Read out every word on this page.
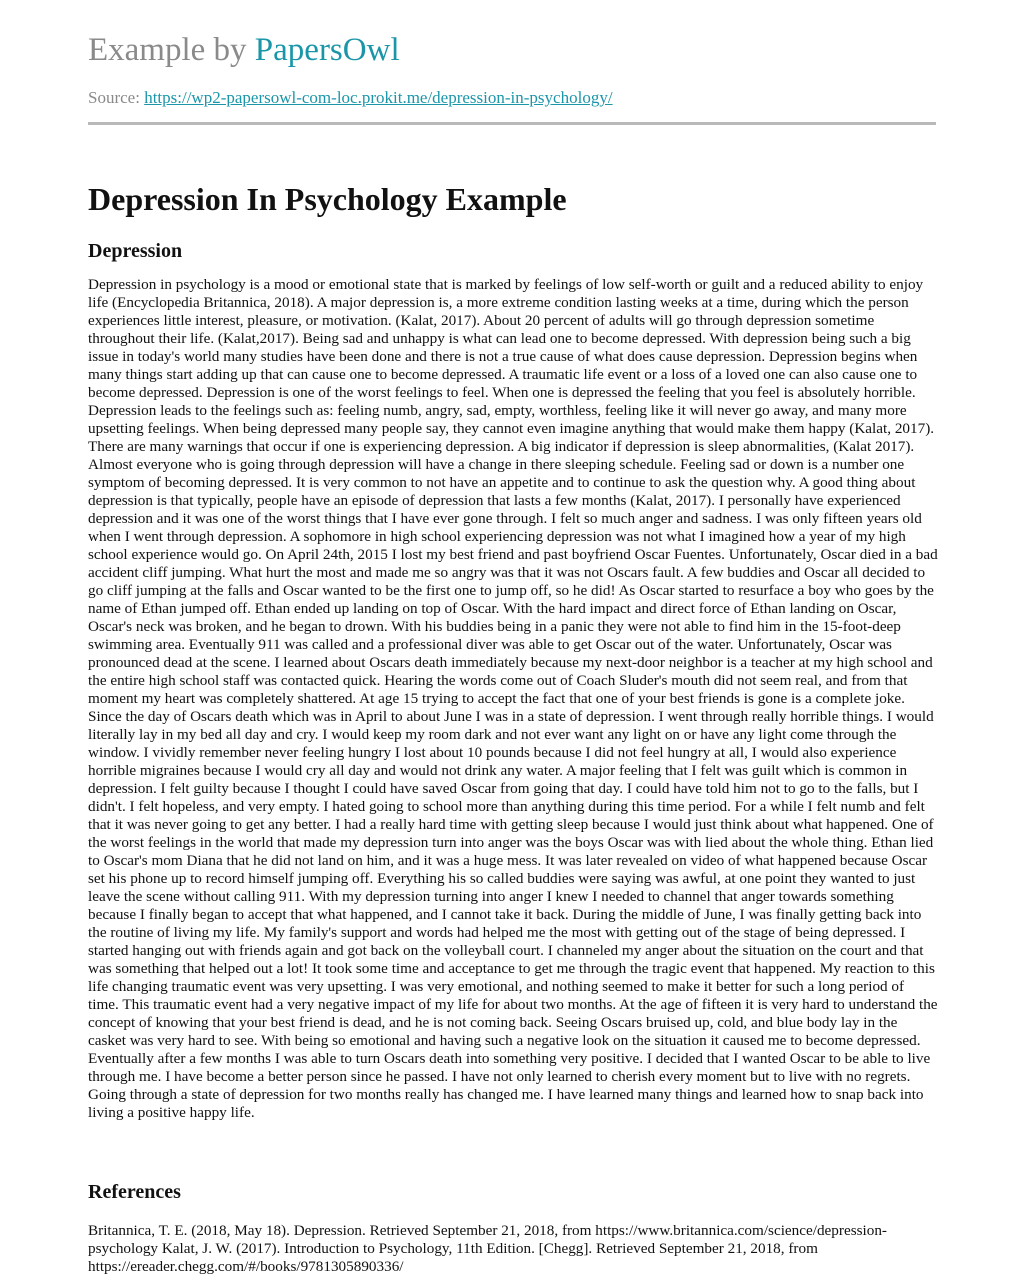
Example by PapersOwl
Source: https://wp2-papersowl-com-loc.prokit.me/depression-in-psychology/
Depression In Psychology Example
Depression

Depression in psychology is a mood or emotional state that is marked by feelings of low self-worth or guilt and a reduced ability to enjoy life (Encyclopedia Britannica, 2018). A major depression is, a more extreme condition lasting weeks at a time, during which the person experiences little interest, pleasure, or motivation. (Kalat, 2017). About 20 percent of adults will go through depression sometime throughout their life. (Kalat,2017). Being sad and unhappy is what can lead one to become depressed. With depression being such a big issue in today's world many studies have been done and there is not a true cause of what does cause depression. Depression begins when many things start adding up that can cause one to become depressed. A traumatic life event or a loss of a loved one can also cause one to become depressed. Depression is one of the worst feelings to feel. When one is depressed the feeling that you feel is absolutely horrible. Depression leads to the feelings such as: feeling numb, angry, sad, empty, worthless, feeling like it will never go away, and many more upsetting feelings. When being depressed many people say, they cannot even imagine anything that would make them happy (Kalat, 2017). There are many warnings that occur if one is experiencing depression. A big indicator if depression is sleep abnormalities, (Kalat 2017). Almost everyone who is going through depression will have a change in there sleeping schedule. Feeling sad or down is a number one symptom of becoming depressed. It is very common to not have an appetite and to continue to ask the question why. A good thing about depression is that typically, people have an episode of depression that lasts a few months (Kalat, 2017). I personally have experienced depression and it was one of the worst things that I have ever gone through. I felt so much anger and sadness. I was only fifteen years old when I went through depression. A sophomore in high school experiencing depression was not what I imagined how a year of my high school experience would go. On April 24th, 2015 I lost my best friend and past boyfriend Oscar Fuentes. Unfortunately, Oscar died in a bad accident cliff jumping. What hurt the most and made me so angry was that it was not Oscars fault. A few buddies and Oscar all decided to go cliff jumping at the falls and Oscar wanted to be the first one to jump off, so he did! As Oscar started to resurface a boy who goes by the name of Ethan jumped off. Ethan ended up landing on top of Oscar. With the hard impact and direct force of Ethan landing on Oscar, Oscar's neck was broken, and he began to drown. With his buddies being in a panic they were not able to find him in the 15-foot-deep swimming area. Eventually 911 was called and a professional diver was able to get Oscar out of the water. Unfortunately, Oscar was pronounced dead at the scene. I learned about Oscars death immediately because my next-door neighbor is a teacher at my high school and the entire high school staff was contacted quick. Hearing the words come out of Coach Sluder's mouth did not seem real, and from that moment my heart was completely shattered. At age 15 trying to accept the fact that one of your best friends is gone is a complete joke. Since the day of Oscars death which was in April to about June I was in a state of depression. I went through really horrible things. I would literally lay in my bed all day and cry. I would keep my room dark and not ever want any light on or have any light come through the window. I vividly remember never feeling hungry I lost about 10 pounds because I did not feel hungry at all, I would also experience horrible migraines because I would cry all day and would not drink any water. A major feeling that I felt was guilt which is common in depression. I felt guilty because I thought I could have saved Oscar from going that day. I could have told him not to go to the falls, but I didn't. I felt hopeless, and very empty. I hated going to school more than anything during this time period. For a while I felt numb and felt that it was never going to get any better. I had a really hard time with getting sleep because I would just think about what happened. One of the worst feelings in the world that made my depression turn into anger was the boys Oscar was with lied about the whole thing. Ethan lied to Oscar's mom Diana that he did not land on him, and it was a huge mess. It was later revealed on video of what happened because Oscar set his phone up to record himself jumping off. Everything his so called buddies were saying was awful, at one point they wanted to just leave the scene without calling 911. With my depression turning into anger I knew I needed to channel that anger towards something because I finally began to accept that what happened, and I cannot take it back. During the middle of June, I was finally getting back into the routine of living my life. My family's support and words had helped me the most with getting out of the stage of being depressed. I started hanging out with friends again and got back on the volleyball court. I channeled my anger about the situation on the court and that was something that helped out a lot! It took some time and acceptance to get me through the tragic event that happened. My reaction to this life changing traumatic event was very upsetting. I was very emotional, and nothing seemed to make it better for such a long period of time. This traumatic event had a very negative impact of my life for about two months. At the age of fifteen it is very hard to understand the concept of knowing that your best friend is dead, and he is not coming back. Seeing Oscars bruised up, cold, and blue body lay in the casket was very hard to see. With being so emotional and having such a negative look on the situation it caused me to become depressed. Eventually after a few months I was able to turn Oscars death into something very positive. I decided that I wanted Oscar to be able to live through me. I have become a better person since he passed. I have not only learned to cherish every moment but to live with no regrets. Going through a state of depression for two months really has changed me. I have learned many things and learned how to snap back into living a positive happy life.

References

Britannica, T. E. (2018, May 18). Depression. Retrieved September 21, 2018, from https://www.britannica.com/science/depression-psychology Kalat, J. W. (2017). Introduction to Psychology, 11th Edition. [Chegg]. Retrieved September 21, 2018, from https://ereader.chegg.com/#/books/9781305890336/
